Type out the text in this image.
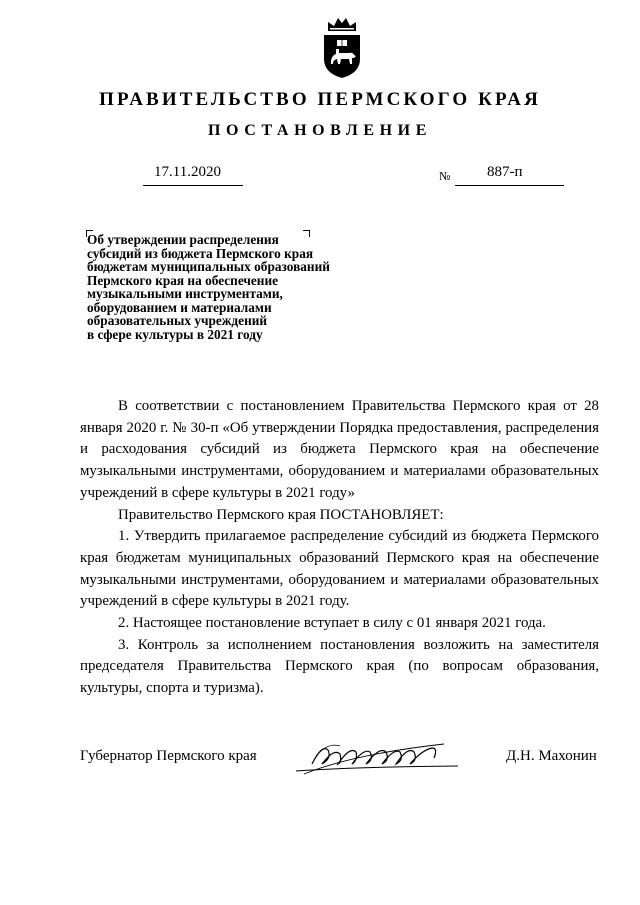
ПРАВИТЕЛЬСТВО ПЕРМСКОГО КРАЯ
ПОСТАНОВЛЕНИЕ
17.11.2020	№ 887-п
Об утверждении распределения
субсидий из бюджета Пермского края
бюджетам муниципальных образований
Пермского края на обеспечение
музыкальными инструментами,
оборудованием и материалами
образовательных учреждений
в сфере культуры в 2021 году

В соответствии с постановлением Правительства Пермского края от 28 января 2020 г. № 30-п «Об утверждении Порядка предоставления, распределения и расходования субсидий из бюджета Пермского края на обеспечение музыкальными инструментами, оборудованием и материалами образовательных учреждений в сфере культуры в 2021 году»

Правительство Пермского края ПОСТАНОВЛЯЕТ:

1. Утвердить прилагаемое распределение субсидий из бюджета Пермского края бюджетам муниципальных образований Пермского края на обеспечение музыкальными инструментами, оборудованием и материалами образовательных учреждений в сфере культуры в 2021 году.

2. Настоящее постановление вступает в силу с 01 января 2021 года.

3. Контроль за исполнением постановления возложить на заместителя председателя Правительства Пермского края (по вопросам образования, культуры, спорта и туризма).

Губернатор Пермского края	Д.Н. Махонин
